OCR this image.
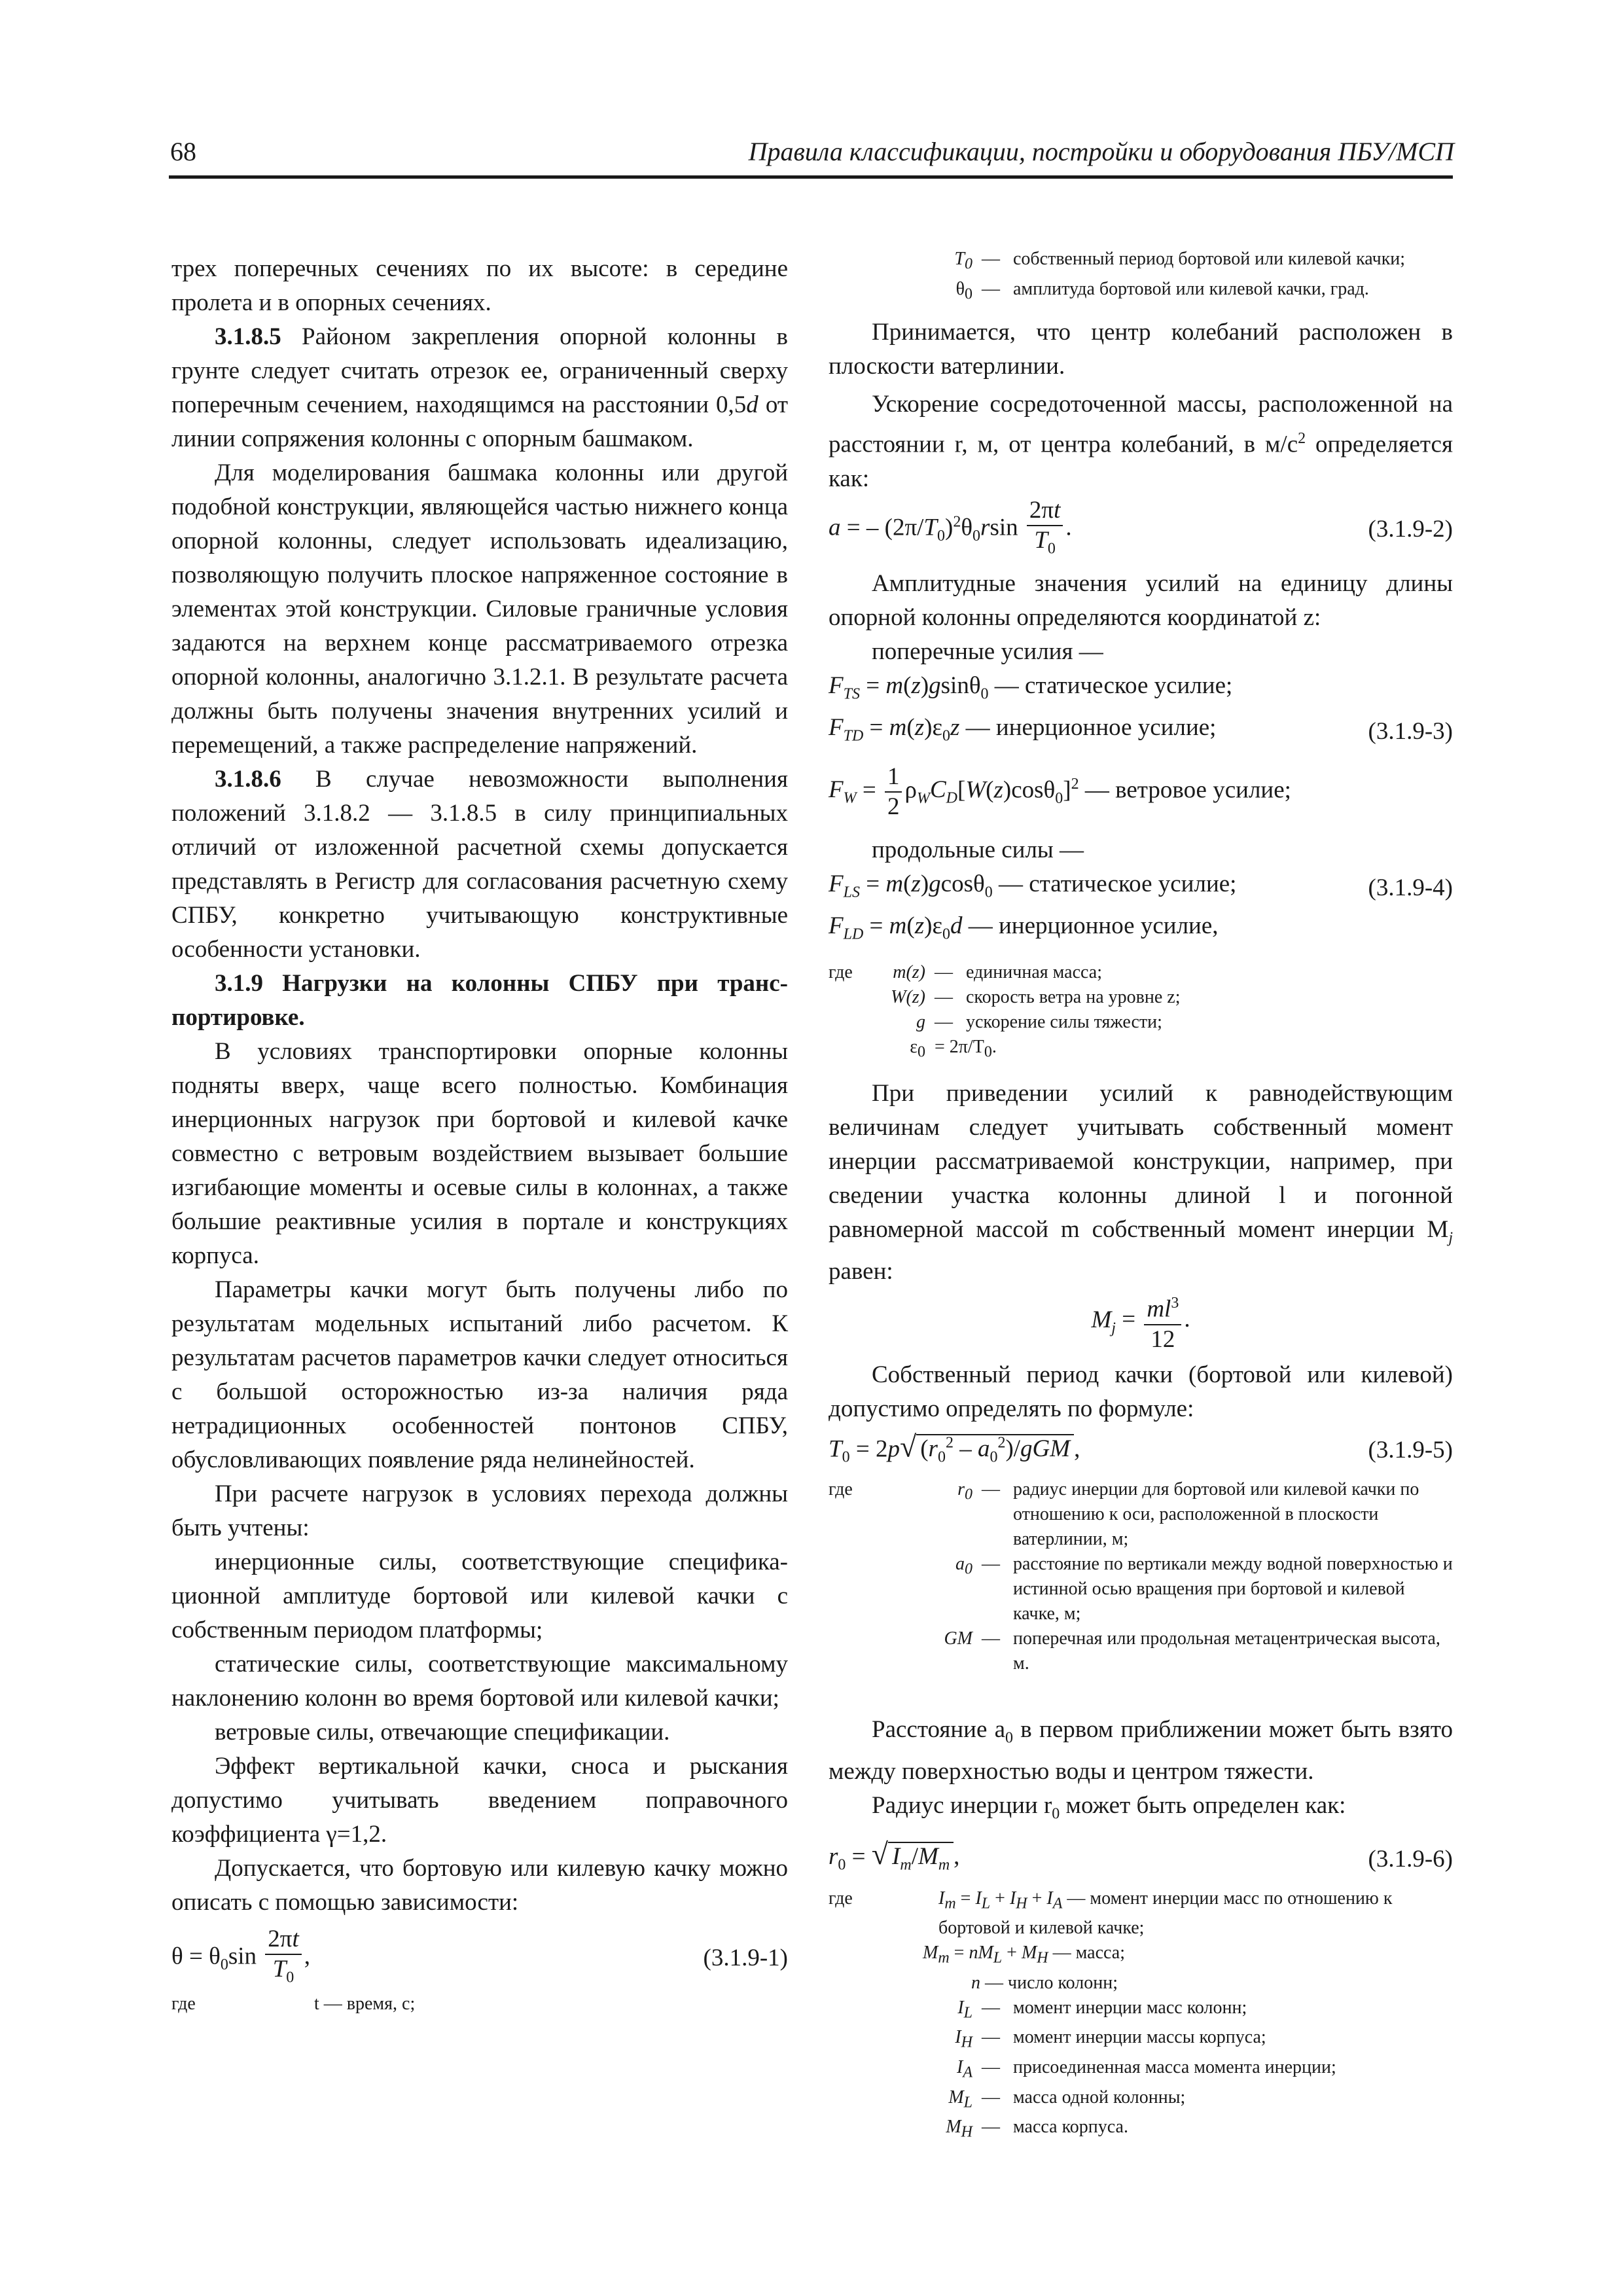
68	Правила классификации, постройки и оборудования ПБУ/МСП

трех поперечных сечениях по их высоте: в середине пролета и в опорных сечениях.

3.1.8.5 Районом закрепления опорной колонны в грунте следует считать отрезок ее, ограниченный сверху поперечным сечением, находящимся на расстоянии 0,5d от линии сопряжения колонны с опорным башмаком.

Для моделирования башмака колонны или другой подобной конструкции, являющейся частью нижнего конца опорной колонны, следует использовать идеализацию, позволяющую получить плоское напряженное состояние в элементах этой конструкции. Силовые граничные условия задаются на верхнем конце рассматриваемого отрезка опорной колонны, аналогично 3.1.2.1. В результате расчета должны быть получены значения внутренних усилий и перемещений, а также распределение напряжений.

3.1.8.6 В случае невозможности выполнения положений 3.1.8.2 — 3.1.8.5 в силу принципиальных отличий от изложенной расчетной схемы допускается представлять в Регистр для согласования расчетную схему СПБУ, конкретно учитывающую конструктивные особенности установки.

3.1.9 Нагрузки на колонны СПБУ при транспортировке.

В условиях транспортировки опорные колонны подняты вверх, чаще всего полностью. Комбинация инерционных нагрузок при бортовой и килевой качке совместно с ветровым воздействием вызывает большие изгибающие моменты и осевые силы в колоннах, а также большие реактивные усилия в портале и конструкциях корпуса.

Параметры качки могут быть получены либо по результатам модельных испытаний либо расчетом. К результатам расчетов параметров качки следует относиться с большой осторожностью из-за наличия ряда нетрадиционных особенностей понтонов СПБУ, обусловливающих появление ряда нелинейностей.

При расчете нагрузок в условиях перехода должны быть учтены:

инерционные силы, соответствующие спецификационной амплитуде бортовой или килевой качки с собственным периодом платформы;

статические силы, соответствующие максимальному наклонению колонн во время бортовой или килевой качки;

ветровые силы, отвечающие спецификации.

Эффект вертикальной качки, сноса и рыскания допустимо учитывать введением поправочного коэффициента γ=1,2.

Допускается, что бортовую или килевую качку можно описать с помощью зависимости:

$\theta = \theta_0\sin \frac{2\pi t}{T_0}$ ,	(3.1.9-1)
где	t — время, с;
$T_0$ — собственный период бортовой или килевой качки;
$\theta_0$ — амплитуда бортовой или килевой качки, град.

Принимается, что центр колебаний расположен в плоскости ватерлинии.

Ускорение сосредоточенной массы, расположенной на расстоянии r, м, от центра колебаний, в $м/с^2$ определяется как:

a = – $(2\pi/T_0)^2\theta_0rsin \frac{2\pi t}{T_0}$ .	(3.1.9-2)

Амплитудные значения усилий на единицу длины опорной колонны определяются координатой z:

поперечные усилия —

$F_{TS} = m(z)gsin\theta_0$ — статическое усилие;
$F_{TD} = m(z)\varepsilon_0z$ — инерционное усилие;	(3.1.9-3)
$F_W = \frac{1}{2} \rho_WC_D[W(z)\cos\theta_0]^2$ — ветровое усилие;

продольные силы —

$F_{LS} = m(z)gcos\theta_0$ — статическое усилие;	(3.1.9-4)
$F_{LD} = m(z)\varepsilon_0d$ — инерционное усилие,
где	m(z) — единичная масса;
W(z) — скорость ветра на уровне z;
g — ускорение силы тяжести;
$\varepsilon_0 = 2\pi/T_0$.

При приведении усилий к равнодействующим величинам следует учитывать собственный момент инерции рассматриваемой конструкции, например, при сведении участка колонны длиной l и погонной равномерной массой m собственный момент инерции $M_j$ равен:

$M_j = \frac{ml^3}{12}$ .

Собственный период качки (бортовой или килевой) допустимо определять по формуле:

$T_0 = 2p√$ $(r_0^2 - a_0^2)/gGM$ ,	(3.1.9-5)
где	$r_0$ — радиус инерции для бортовой или килевой качки по отношению к оси, расположенной в плоскости ватерлинии, м;
$a_0$ — расстояние по вертикали между водной поверхностью и истинной осью вращения при бортовой и килевой качке, м;
GM — поперечная или продольная метацентрическая высота, м.

Расстояние $a_0$ в первом приближении может быть взято между поверхностью воды и центром тяжести.

Радиус инерции $r_0$ может быть определен как:

$r_0$ = √ $I_m/M_m$ ,	(3.1.9-6)
где	$I_m = I_L + I_H + I_A$ — момент инерции масс по отношению к бортовой и килевой качке;
$M_m = nM_L + M_H$ — масса;
n — число колонн;
$I_L$ — момент инерции масс колонн;
$I_H$ — момент инерции массы корпуса;
$I_A$ — присоединенная масса момента инерции;
$M_L$ — масса одной колонны;
$M_H$ — масса корпуса.
